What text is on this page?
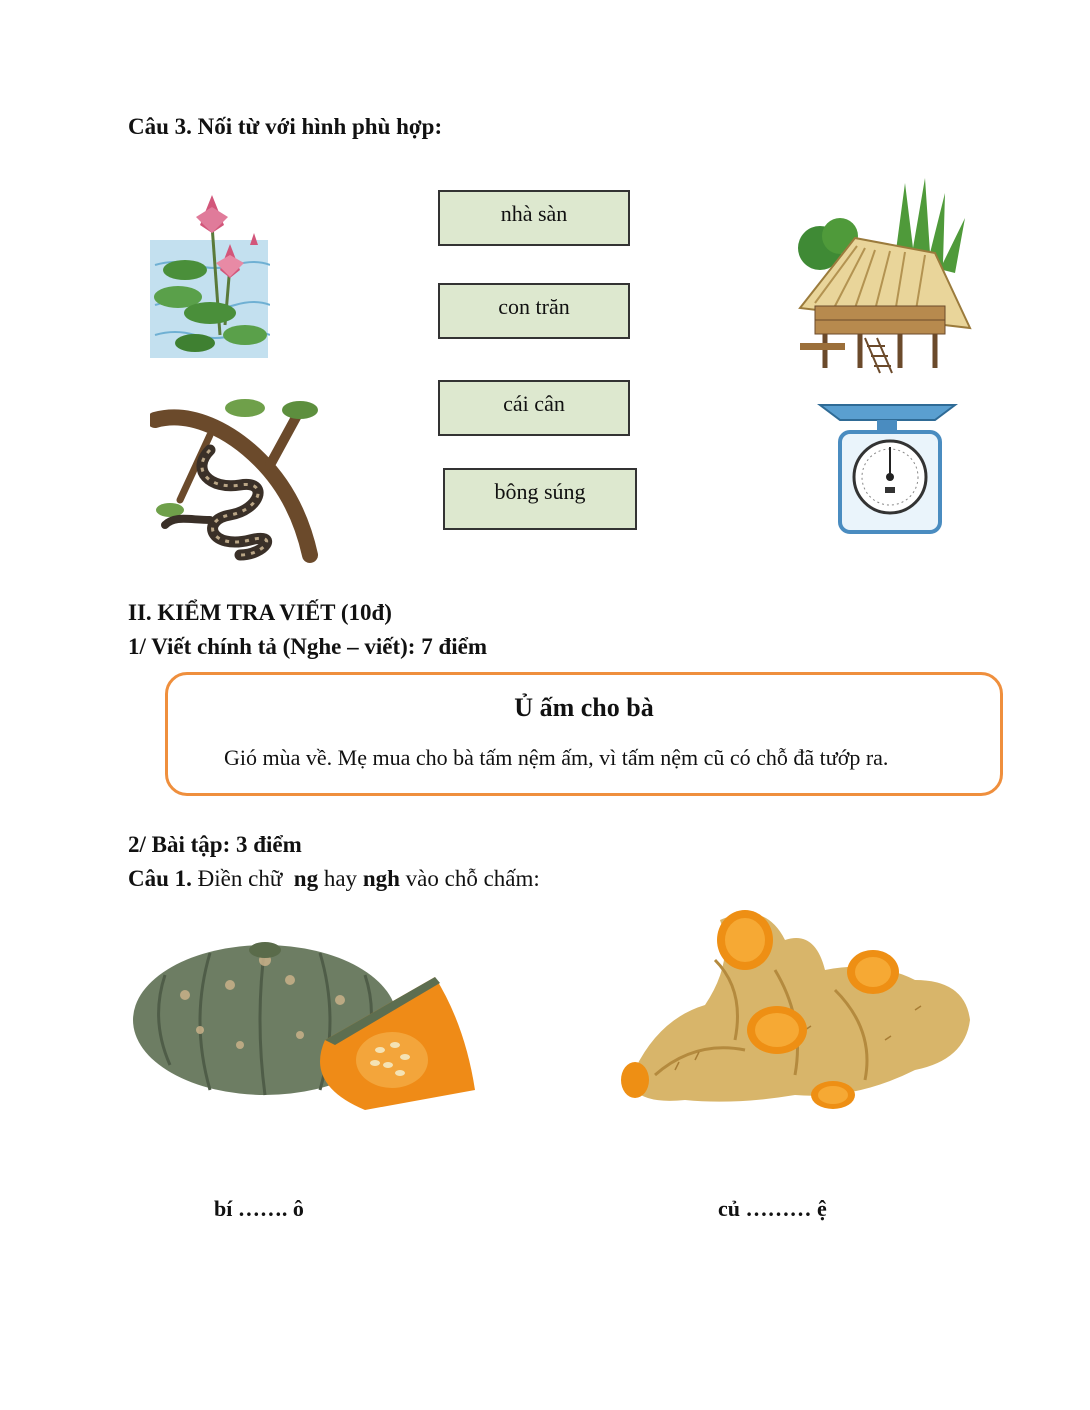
Câu 3. Nối từ với hình phù hợp:
nhà sàn
con trăn
cái cân
bông súng
II. KIỂM TRA VIẾT (10đ)
1/ Viết chính tả (Nghe – viết): 7 điểm
Ủ ấm cho bà
Gió mùa về. Mẹ mua cho bà tấm nệm ấm, vì tấm nệm cũ có chỗ đã tướp ra.
2/ Bài tập: 3 điểm
Câu 1. Điền chữ  ng hay ngh vào chỗ chấm:
bí ……. ô	củ ……… ệ
